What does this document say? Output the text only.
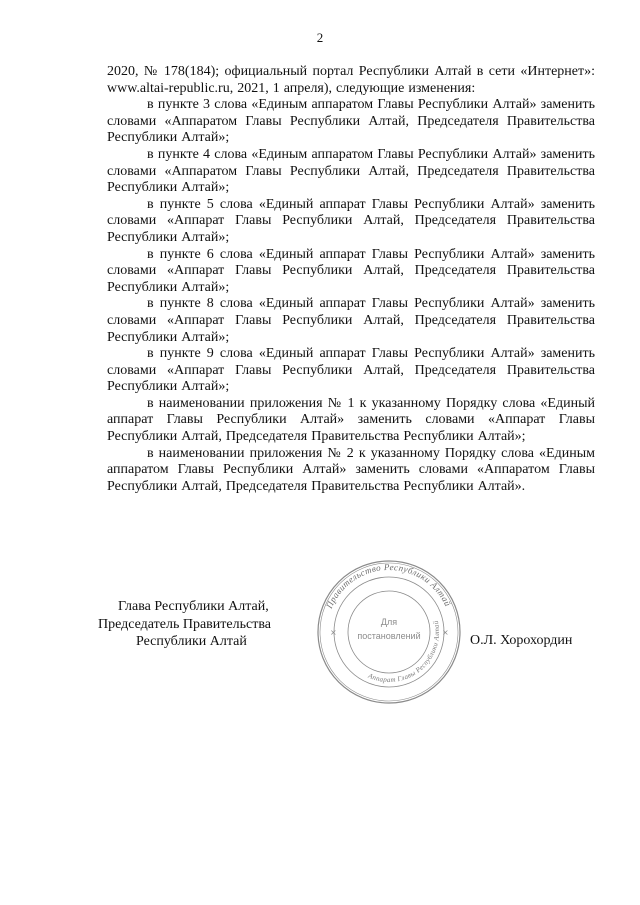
2

2020, № 178(184); официальный портал Республики Алтай в сети «Интернет»: www.altai-republic.ru, 2021, 1 апреля), следующие изменения:

в пункте 3 слова «Единым аппаратом Главы Республики Алтай» заменить словами «Аппаратом Главы Республики Алтай, Председателя Правительства Республики Алтай»;

в пункте 4 слова «Единым аппаратом Главы Республики Алтай» заменить словами «Аппаратом Главы Республики Алтай, Председателя Правительства Республики Алтай»;

в пункте 5 слова «Единый аппарат Главы Республики Алтай» заменить словами «Аппарат Главы Республики Алтай, Председателя Правительства Республики Алтай»;

в пункте 6 слова «Единый аппарат Главы Республики Алтай» заменить словами «Аппарат Главы Республики Алтай, Председателя Правительства Республики Алтай»;

в пункте 8 слова «Единый аппарат Главы Республики Алтай» заменить словами «Аппарат Главы Республики Алтай, Председателя Правительства Республики Алтай»;

в пункте 9 слова «Единый аппарат Главы Республики Алтай» заменить словами «Аппарат Главы Республики Алтай, Председателя Правительства Республики Алтай»;

в наименовании приложения № 1 к указанному Порядку слова «Единый аппарат Главы Республики Алтай» заменить словами «Аппарат Главы Республики Алтай, Председателя Правительства Республики Алтай»;

в наименовании приложения № 2 к указанному Порядку слова «Единым аппаратом Главы Республики Алтай» заменить словами «Аппаратом Главы Республики Алтай, Председателя Правительства Республики Алтай».

Глава Республики Алтай,
Председатель Правительства
Республики Алтай
Правительство Республики Алтай
Аппарат Главы Республики Алтай
×	×
Для
постановлений	О.Л. Хорохордин
